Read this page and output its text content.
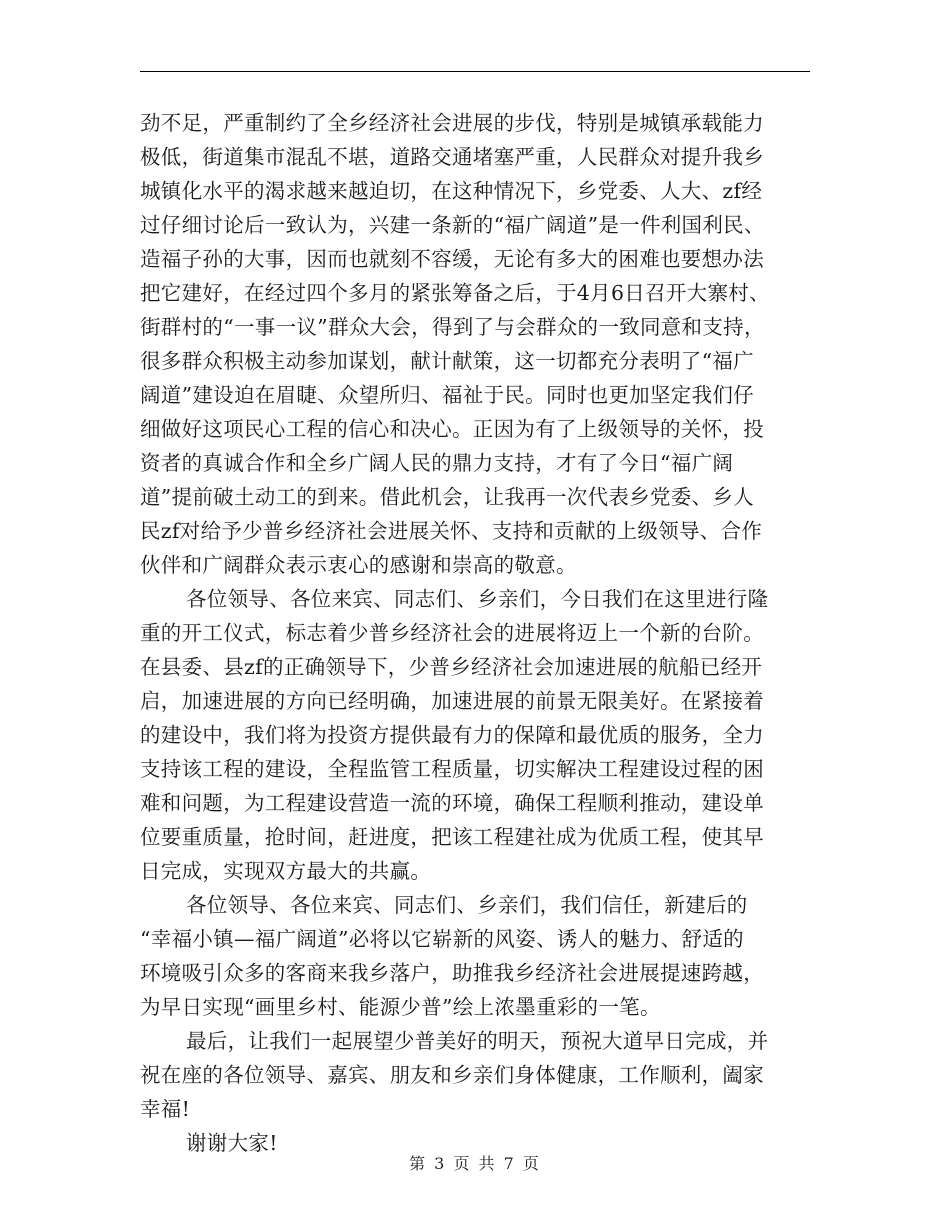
劲不足，严重制约了全乡经济社会进展的步伐，特别是城镇承载能力
极低，街道集市混乱不堪，道路交通堵塞严重，人民群众对提升我乡
城镇化水平的渴求越来越迫切，在这种情况下，乡党委、人大、zf经
过仔细讨论后一致认为，兴建一条新的“福广阔道”是一件利国利民、
造福子孙的大事，因而也就刻不容缓，无论有多大的困难也要想办法
把它建好，在经过四个多月的紧张筹备之后，于4月6日召开大寨村、
街群村的“一事一议”群众大会，得到了与会群众的一致同意和支持，
很多群众积极主动参加谋划，献计献策，这一切都充分表明了“福广
阔道”建设迫在眉睫、众望所归、福祉于民。同时也更加坚定我们仔
细做好这项民心工程的信心和决心。正因为有了上级领导的关怀，投
资者的真诚合作和全乡广阔人民的鼎力支持，才有了今日“福广阔
道”提前破土动工的到来。借此机会，让我再一次代表乡党委、乡人
民zf对给予少普乡经济社会进展关怀、支持和贡献的上级领导、合作
伙伴和广阔群众表示衷心的感谢和崇高的敬意。
各位领导、各位来宾、同志们、乡亲们，今日我们在这里进行隆
重的开工仪式，标志着少普乡经济社会的进展将迈上一个新的台阶。
在县委、县zf的正确领导下，少普乡经济社会加速进展的航船已经开
启，加速进展的方向已经明确，加速进展的前景无限美好。在紧接着
的建设中，我们将为投资方提供最有力的保障和最优质的服务，全力
支持该工程的建设，全程监管工程质量，切实解决工程建设过程的困
难和问题，为工程建设营造一流的环境，确保工程顺利推动，建设单
位要重质量，抢时间，赶进度，把该工程建社成为优质工程，使其早
日完成，实现双方最大的共赢。
各位领导、各位来宾、同志们、乡亲们，我们信任，新建后的
“幸福小镇—福广阔道”必将以它崭新的风姿、诱人的魅力、舒适的
环境吸引众多的客商来我乡落户，助推我乡经济社会进展提速跨越，
为早日实现“画里乡村、能源少普”绘上浓墨重彩的一笔。
最后，让我们一起展望少普美好的明天，预祝大道早日完成，并
祝在座的各位领导、嘉宾、朋友和乡亲们身体健康，工作顺利，阖家
幸福!
谢谢大家!
第 3 页 共 7 页
